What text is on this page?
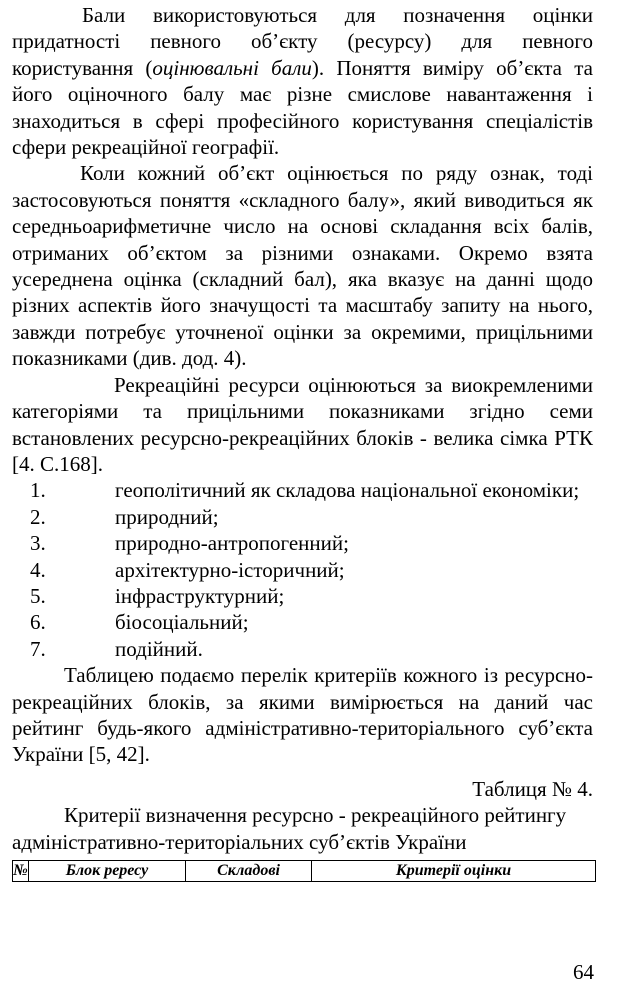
Бали використовуються для позначення оцінки придатності певного об’єкту (ресурсу) для певного користування (оцінювальні бали). Поняття виміру об’єкта та його оціночного балу має різне смислове навантаження і знаходиться в сфері професійного користування спеціалістів сфери рекреаційної географії.

Коли кожний об’єкт оцінюється по ряду ознак, тоді застосовуються поняття «складного балу», який виводиться як середньоарифметичне число на основі складання всіх балів, отриманих об’єктом за різними ознаками. Окремо взята усереднена оцінка (складний бал), яка вказує на данні щодо різних аспектів його значущості та масштабу запиту на нього, завжди потребує уточненої оцінки за окремими, прицільними показниками (див. дод. 4).

Рекреаційні ресурси оцінюються за виокремленими категоріями та прицільними показниками згідно семи встановлених ресурсно-рекреаційних блоків - велика сімка РТК [4. С.168].

1.	геополітичний як складова національної економіки;
2.	природний;
3.	природно-антропогенний;
4.	архітектурно-історичний;
5.	інфраструктурний;
6.	біосоціальний;
7.	подійний.

Таблицею подаємо перелік критеріїв кожного із ресурсно-рекреаційних блоків, за якими вимірюється на даний час рейтинг будь-якого адміністративно-територіального суб’єкта України [5, 42].

Таблиця № 4.

Критерії визначення ресурсно - рекреаційного рейтингу адміністративно-територіальних суб’єктів України

№	Блок рересу	Складові	Критерії оцінки
64
